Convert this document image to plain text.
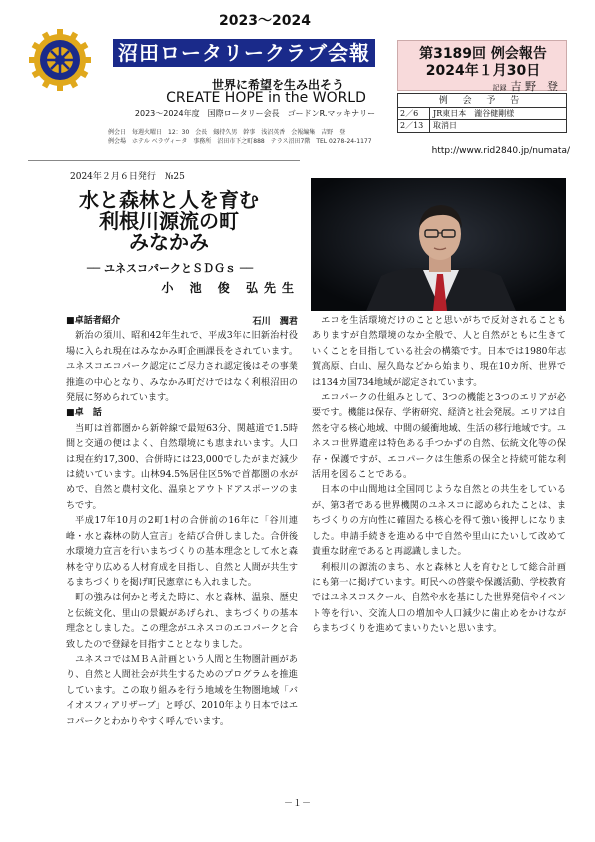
2023～2024
沼田ロータリークラブ会報
世界に希望を生み出そう
CREATE HOPE in the WORLD
2023～2024年度　国際ロータリー会長　ゴードンR.マッキナリー
例会日　毎週火曜日　12：30　会長　劔持久男　幹事　浅沼英香　会報編集　吉野　登
例会場　ホテル ベラヴィータ　事務所　沼田市下之町888　テラス沼田7階　TEL 0278-24-1177
第3189回 例会報告
2024年１月30日
記録 吉 野　登
例 会 予 告
2／6	JR東日本　瀧谷健剛様
2／13	取消日
http://www.rid2840.jp/numata/
2024年２月６日発行　№25
水と森林と人を育む
利根川源流の町
みなかみ
── ユネスコパークとＳＤＧｓ ──
小 池 俊 弘先生
■卓話者紹介	石川　潤君

新治の須川、昭和42年生れで、平成3年に旧新治村役場に入られ現在はみなかみ町企画課長をされています。ユネスコエコパーク認定にご尽力され認定後はその事業推進の中心となり、みなかみ町だけではなく利根沼田の発展に努められています。

■卓　話

当町は首都圏から新幹線で最短63分、関越道で1.5時間と交通の便はよく、自然環境にも恵まれいます。人口は現在約17,300、合併時には23,000でしたがまだ減少は続いています。山林94.5%居住区5%で首都圏の水がめで、自然と農村文化、温泉とアウトドアスポーツのまちです。

平成17年10月の2町1村の合併前の16年に「谷川連峰・水と森林の防人宣言」を結び合併しました。合併後水環境力宣言を行いまちづくりの基本理念として水と森林を守り広める人材育成を目指し、自然と人間が共生するまちづくりを掲げ町民憲章にも入れました。

町の強みは何かと考えた時に、水と森林、温泉、歴史と伝統文化、里山の景観があげられ、まちづくりの基本理念としました。この理念がユネスコのエコパークと合致したので登録を目指すこととなりました。

ユネスコではＭＢＡ計画という人間と生物圏計画があり、自然と人間社会が共生するためのプログラムを推進しています。この取り組みを行う地域を生物圏地域「バイオスフィアリザーブ」と呼び、2010年より日本ではエコパークとわかりやすく呼んでいます。

エコを生活環境だけのことと思いがちで反対されることもありますが自然環境のなか全般で、人と自然がともに生きていくことを目指している社会の構築です。日本では1980年志賀高原、白山、屋久島などから始まり、現在10カ所、世界では134カ国734地域が認定されています。

エコパークの仕組みとして、3つの機能と3つのエリアが必要です。機能は保存、学術研究、経済と社会発展。エリアは自然を守る核心地域、中間の緩衝地域、生活の移行地域です。ユネスコ世界遺産は特色ある手つかずの自然、伝統文化等の保存・保護ですが、エコパークは生態系の保全と持続可能な利活用を図ることである。

日本の中山間地は全国同じような自然との共生をしているが、第3者である世界機関のユネスコに認められたことは、まちづくりの方向性に確固たる核心を得て強い後押しになりました。申請手続きを進める中で自然や里山にたいして改めて貴重な財産であると再認識しました。

利根川の源流のまち、水と森林と人を育むとして総合計画にも第一に掲げています。町民への啓蒙や保護活動、学校教育ではユネスコスクール、自然や水を基にした世界発信やイベント等を行い、交流人口の増加や人口減少に歯止めをかけながらまちづくりを進めてまいりたいと思います。

－１－
